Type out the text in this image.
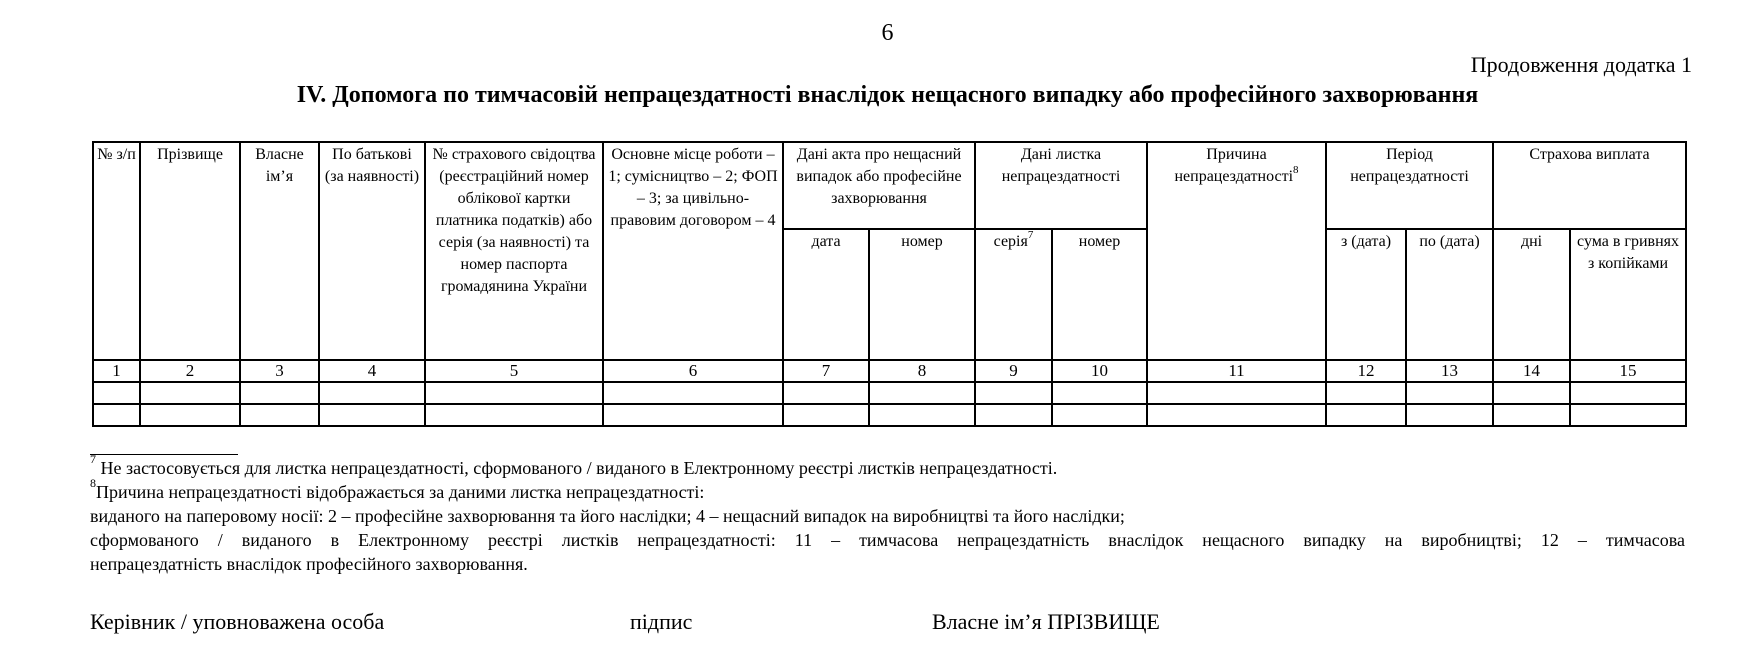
6
Продовження додатка 1
IV. Допомога по тимчасовій непрацездатності внаслідок нещасного випадку або професійного захворювання
№ з/п	Прізвище	Власне ім’я	По батькові (за наявності)	№ страхового свідоцтва (реєстраційний номер облікової картки платника податків) або серія (за наявності) та номер паспорта громадянина України	Основне місце роботи – 1; сумісництво – 2; ФОП – 3; за цивільно-правовим договором – 4	Дані акта про нещасний випадок або професійне захворювання		Дані листка непрацездатності		Причина непрацездатності$^8$	Період непрацездатності		Страхова виплата	
						дата	номер	серія$^7$	номер		з (дата)	по (дата)	дні	сума в гривнях з копійками
1	2	3	4	5	6	7	8	9	10	11	12	13	14	15

$^7$ Не застосовується для листка непрацездатності, сформованого / виданого в Електронному реєстрі листків непрацездатності.

$^8$Причина непрацездатності відображається за даними листка непрацездатності:

виданого на паперовому носії: 2 – професійне захворювання та його наслідки; 4 – нещасний випадок на виробництві та його наслідки;

сформованого / виданого в Електронному реєстрі листків непрацездатності: 11 – тимчасова непрацездатність внаслідок нещасного випадку на виробництві; 12 – тимчасова

непрацездатність внаслідок професійного захворювання.

Керівник / уповноважена особа	підпис	Власне ім’я ПРІЗВИЩЕ
